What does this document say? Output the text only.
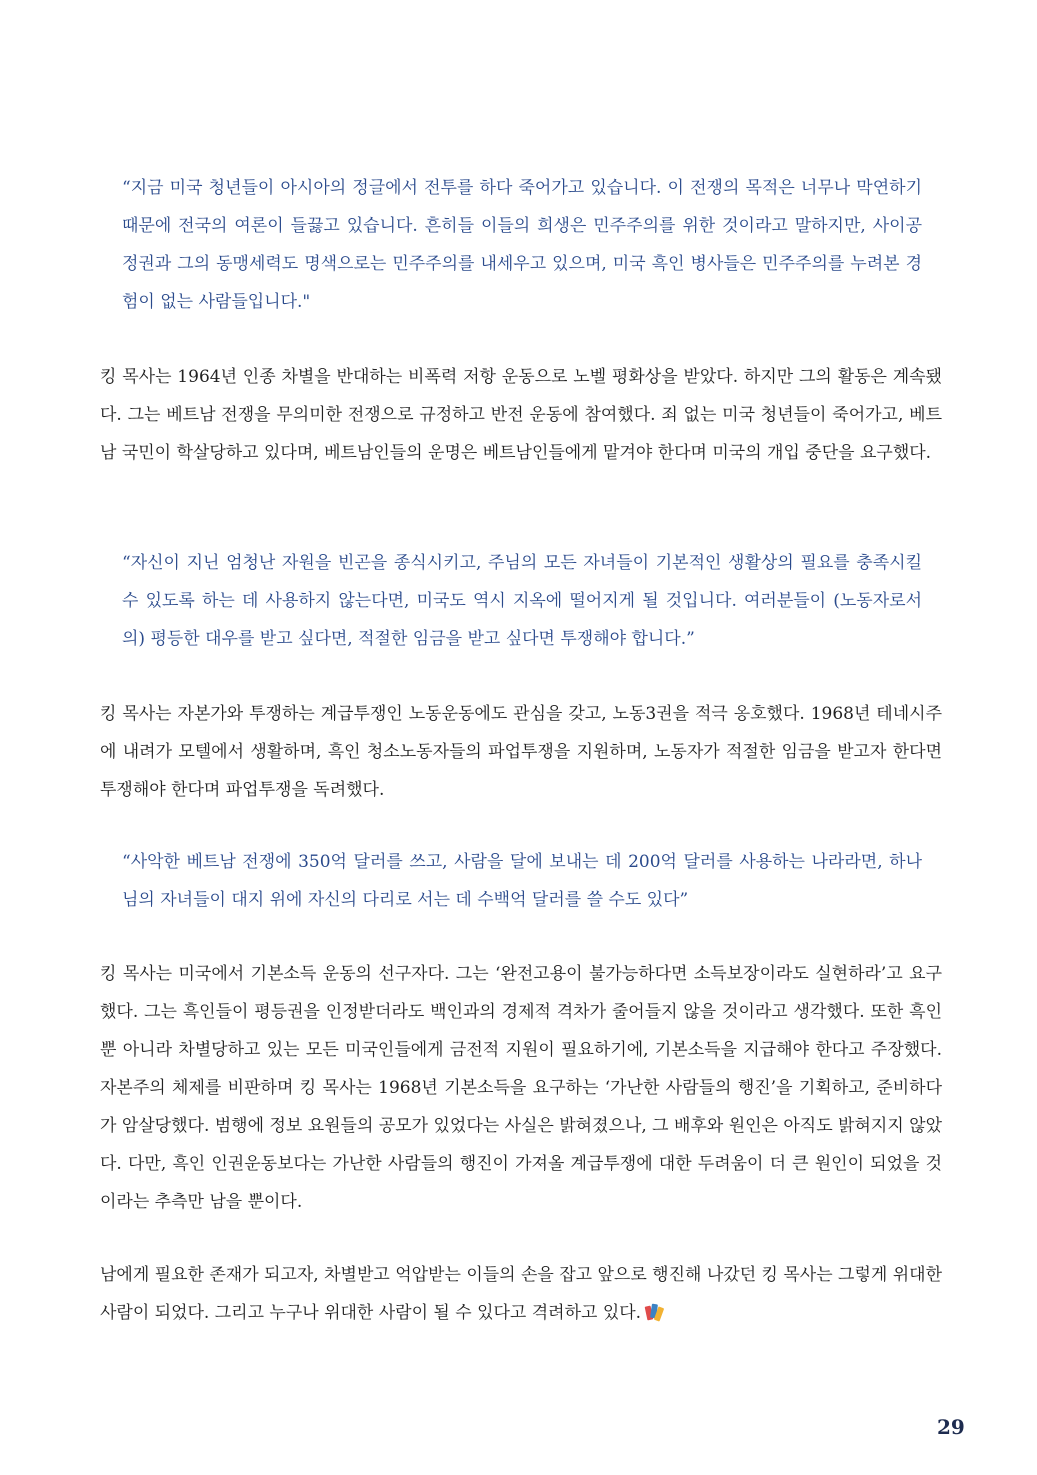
“지금 미국 청년들이 아시아의 정글에서 전투를 하다 죽어가고 있습니다. 이 전쟁의 목적은 너무나 막연하기 때문에 전국의 여론이 들끓고 있습니다. 흔히들 이들의 희생은 민주주의를 위한 것이라고 말하지만, 사이공 정권과 그의 동맹세력도 명색으로는 민주주의를 내세우고 있으며, 미국 흑인 병사들은 민주주의를 누려본 경험이 없는 사람들입니다."

킹 목사는 1964년 인종 차별을 반대하는 비폭력 저항 운동으로 노벨 평화상을 받았다. 하지만 그의 활동은 계속됐다. 그는 베트남 전쟁을 무의미한 전쟁으로 규정하고 반전 운동에 참여했다. 죄 없는 미국 청년들이 죽어가고, 베트남 국민이 학살당하고 있다며, 베트남인들의 운명은 베트남인들에게 맡겨야 한다며 미국의 개입 중단을 요구했다.

“자신이 지닌 엄청난 자원을 빈곤을 종식시키고, 주님의 모든 자녀들이 기본적인 생활상의 필요를 충족시킬 수 있도록 하는 데 사용하지 않는다면, 미국도 역시 지옥에 떨어지게 될 것입니다. 여러분들이 (노동자로서의) 평등한 대우를 받고 싶다면, 적절한 임금을 받고 싶다면 투쟁해야 합니다.”

킹 목사는 자본가와 투쟁하는 계급투쟁인 노동운동에도 관심을 갖고, 노동3권을 적극 옹호했다. 1968년 테네시주에 내려가 모텔에서 생활하며, 흑인 청소노동자들의 파업투쟁을 지원하며, 노동자가 적절한 임금을 받고자 한다면 투쟁해야 한다며 파업투쟁을 독려했다.

“사악한 베트남 전쟁에 350억 달러를 쓰고, 사람을 달에 보내는 데 200억 달러를 사용하는 나라라면, 하나님의 자녀들이 대지 위에 자신의 다리로 서는 데 수백억 달러를 쓸 수도 있다”

킹 목사는 미국에서 기본소득 운동의 선구자다. 그는 ‘완전고용이 불가능하다면 소득보장이라도 실현하라’고 요구했다. 그는 흑인들이 평등권을 인정받더라도 백인과의 경제적 격차가 줄어들지 않을 것이라고 생각했다. 또한 흑인뿐 아니라 차별당하고 있는 모든 미국인들에게 금전적 지원이 필요하기에, 기본소득을 지급해야 한다고 주장했다. 자본주의 체제를 비판하며 킹 목사는 1968년 기본소득을 요구하는 ‘가난한 사람들의 행진’을 기획하고, 준비하다가 암살당했다. 범행에 정보 요원들의 공모가 있었다는 사실은 밝혀졌으나, 그 배후와 원인은 아직도 밝혀지지 않았다. 다만, 흑인 인권운동보다는 가난한 사람들의 행진이 가져올 계급투쟁에 대한 두려움이 더 큰 원인이 되었을 것이라는 추측만 남을 뿐이다.

남에게 필요한 존재가 되고자, 차별받고 억압받는 이들의 손을 잡고 앞으로 행진해 나갔던 킹 목사는 그렇게 위대한 사람이 되었다. 그리고 누구나 위대한 사람이 될 수 있다고 격려하고 있다.

29
